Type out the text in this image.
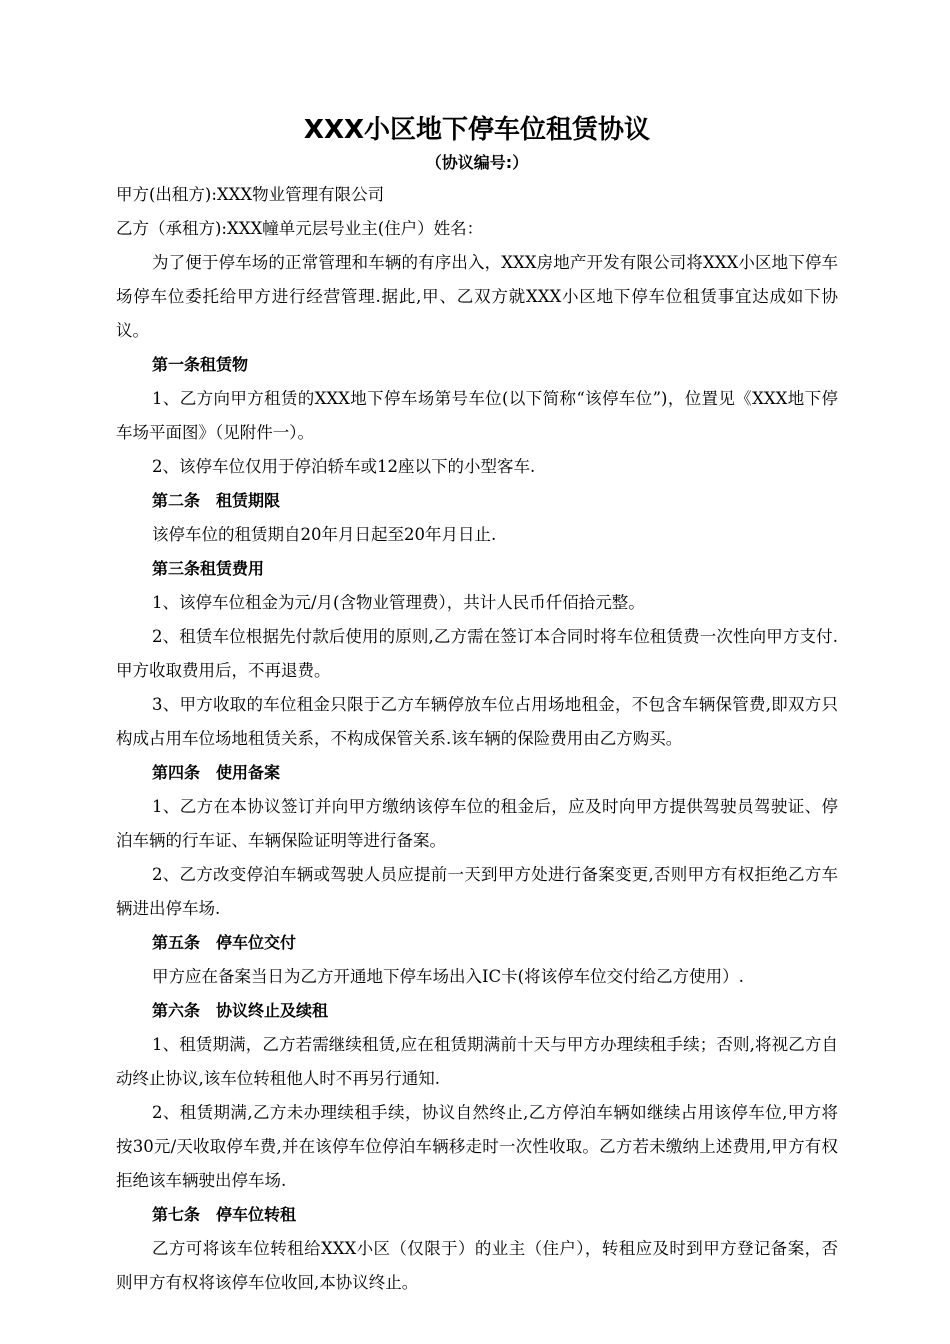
XXX小区地下停车位租赁协议
（协议编号:）

甲方(出租方):XXX物业管理有限公司

乙方（承租方):XXX幢单元层号业主(住户）姓名：

为了便于停车场的正常管理和车辆的有序出入，XXX房地产开发有限公司将XXX小区地下停车场停车位委托给甲方进行经营管理.据此,甲、乙双方就XXX小区地下停车位租赁事宜达成如下协议。

第一条租赁物

1、乙方向甲方租赁的XXX地下停车场第号车位(以下简称“该停车位”)，位置见《XXX地下停车场平面图》（见附件一）。

2、该停车位仅用于停泊轿车或12座以下的小型客车.

第二条　租赁期限

该停车位的租赁期自20年月日起至20年月日止.

第三条租赁费用

1、该停车位租金为元/月(含物业管理费），共计人民币仟佰拾元整。

2、租赁车位根据先付款后使用的原则,乙方需在签订本合同时将车位租赁费一次性向甲方支付.甲方收取费用后，不再退费。

3、甲方收取的车位租金只限于乙方车辆停放车位占用场地租金，不包含车辆保管费,即双方只构成占用车位场地租赁关系，不构成保管关系.该车辆的保险费用由乙方购买。

第四条　使用备案

1、乙方在本协议签订并向甲方缴纳该停车位的租金后，应及时向甲方提供驾驶员驾驶证、停泊车辆的行车证、车辆保险证明等进行备案。

2、乙方改变停泊车辆或驾驶人员应提前一天到甲方处进行备案变更,否则甲方有权拒绝乙方车辆进出停车场.

第五条　停车位交付

甲方应在备案当日为乙方开通地下停车场出入IC卡(将该停车位交付给乙方使用）.

第六条　协议终止及续租

1、租赁期满，乙方若需继续租赁,应在租赁期满前十天与甲方办理续租手续；否则,将视乙方自动终止协议,该车位转租他人时不再另行通知.

2、租赁期满,乙方未办理续租手续，协议自然终止,乙方停泊车辆如继续占用该停车位,甲方将按30元/天收取停车费,并在该停车位停泊车辆移走时一次性收取。乙方若未缴纳上述费用,甲方有权拒绝该车辆驶出停车场.

第七条　停车位转租

乙方可将该车位转租给XXX小区（仅限于）的业主（住户），转租应及时到甲方登记备案，否则甲方有权将该停车位收回,本协议终止。
